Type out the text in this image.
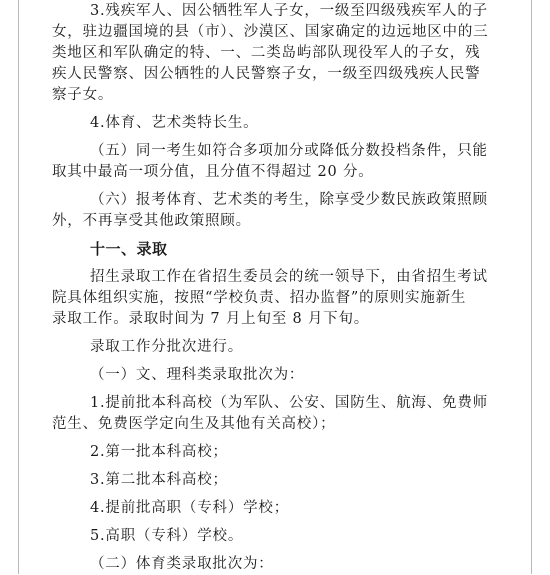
3.残疾军人、因公牺牲军人子女，一级至四级残疾军人的子

女，驻边疆国境的县（市）、沙漠区、国家确定的边远地区中的三

类地区和军队确定的特、一、二类岛屿部队现役军人的子女，残

疾人民警察、因公牺牲的人民警察子女，一级至四级残疾人民警

察子女。

4.体育、艺术类特长生。

（五）同一考生如符合多项加分或降低分数投档条件，只能

取其中最高一项分值，且分值不得超过 20 分。

（六）报考体育、艺术类的考生，除享受少数民族政策照顾

外，不再享受其他政策照顾。

十一、录取

招生录取工作在省招生委员会的统一领导下，由省招生考试

院具体组织实施，按照“学校负责、招办监督”的原则实施新生

录取工作。录取时间为 7 月上旬至 8 月下旬。

录取工作分批次进行。

（一）文、理科类录取批次为：

1.提前批本科高校（为军队、公安、国防生、航海、免费师

范生、免费医学定向生及其他有关高校）；

2.第一批本科高校；

3.第二批本科高校；

4.提前批高职（专科）学校；

5.高职（专科）学校。

（二）体育类录取批次为：
